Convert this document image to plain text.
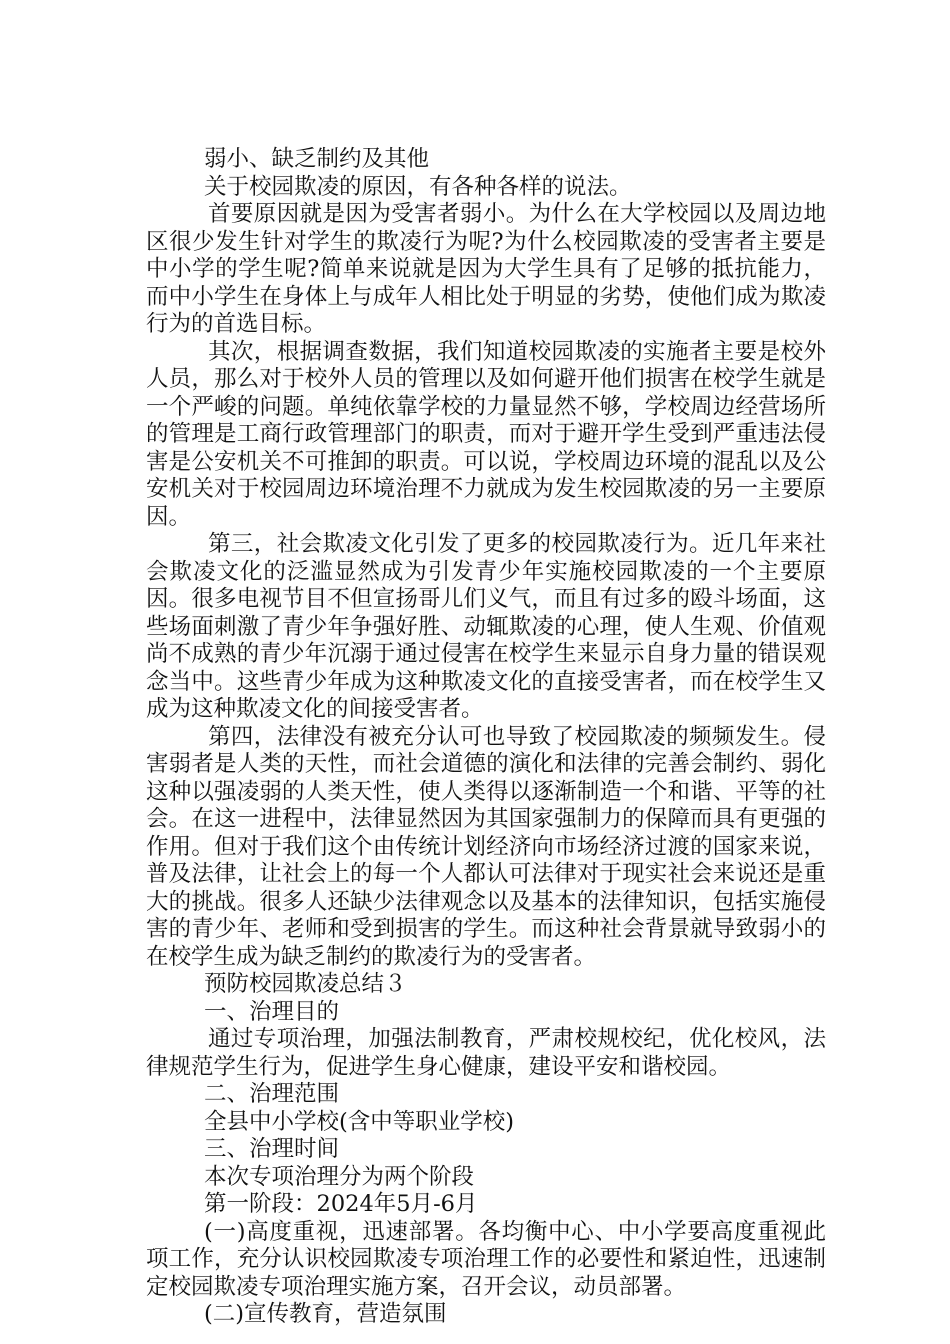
弱小、缺乏制约及其他

关于校园欺凌的原因，有各种各样的说法。

首要原因就是因为受害者弱小。为什么在大学校园以及周边地区很少发生针对学生的欺凌行为呢?为什么校园欺凌的受害者主要是中小学的学生呢?简单来说就是因为大学生具有了足够的抵抗能力，而中小学生在身体上与成年人相比处于明显的劣势，使他们成为欺凌行为的首选目标。

其次，根据调查数据，我们知道校园欺凌的实施者主要是校外人员，那么对于校外人员的管理以及如何避开他们损害在校学生就是一个严峻的问题。单纯依靠学校的力量显然不够，学校周边经营场所的管理是工商行政管理部门的职责，而对于避开学生受到严重违法侵害是公安机关不可推卸的职责。可以说，学校周边环境的混乱以及公安机关对于校园周边环境治理不力就成为发生校园欺凌的另一主要原因。

第三，社会欺凌文化引发了更多的校园欺凌行为。近几年来社会欺凌文化的泛滥显然成为引发青少年实施校园欺凌的一个主要原因。很多电视节目不但宣扬哥儿们义气，而且有过多的殴斗场面，这些场面刺激了青少年争强好胜、动辄欺凌的心理，使人生观、价值观尚不成熟的青少年沉溺于通过侵害在校学生来显示自身力量的错误观念当中。这些青少年成为这种欺凌文化的直接受害者，而在校学生又成为这种欺凌文化的间接受害者。

第四，法律没有被充分认可也导致了校园欺凌的频频发生。侵害弱者是人类的天性，而社会道德的演化和法律的完善会制约、弱化这种以强凌弱的人类天性，使人类得以逐渐制造一个和谐、平等的社会。在这一进程中，法律显然因为其国家强制力的保障而具有更强的作用。但对于我们这个由传统计划经济向市场经济过渡的国家来说，普及法律，让社会上的每一个人都认可法律对于现实社会来说还是重大的挑战。很多人还缺少法律观念以及基本的法律知识，包括实施侵害的青少年、老师和受到损害的学生。而这种社会背景就导致弱小的在校学生成为缺乏制约的欺凌行为的受害者。

预防校园欺凌总结３

一、治理目的

通过专项治理，加强法制教育，严肃校规校纪，优化校风，法律规范学生行为，促进学生身心健康，建设平安和谐校园。

二、治理范围

全县中小学校(含中等职业学校)

三、治理时间

本次专项治理分为两个阶段

第一阶段：2024年5月-6月

(一)高度重视，迅速部署。各均衡中心、中小学要高度重视此项工作，充分认识校园欺凌专项治理工作的必要性和紧迫性，迅速制定校园欺凌专项治理实施方案，召开会议，动员部署。

(二)宣传教育，营造氛围
